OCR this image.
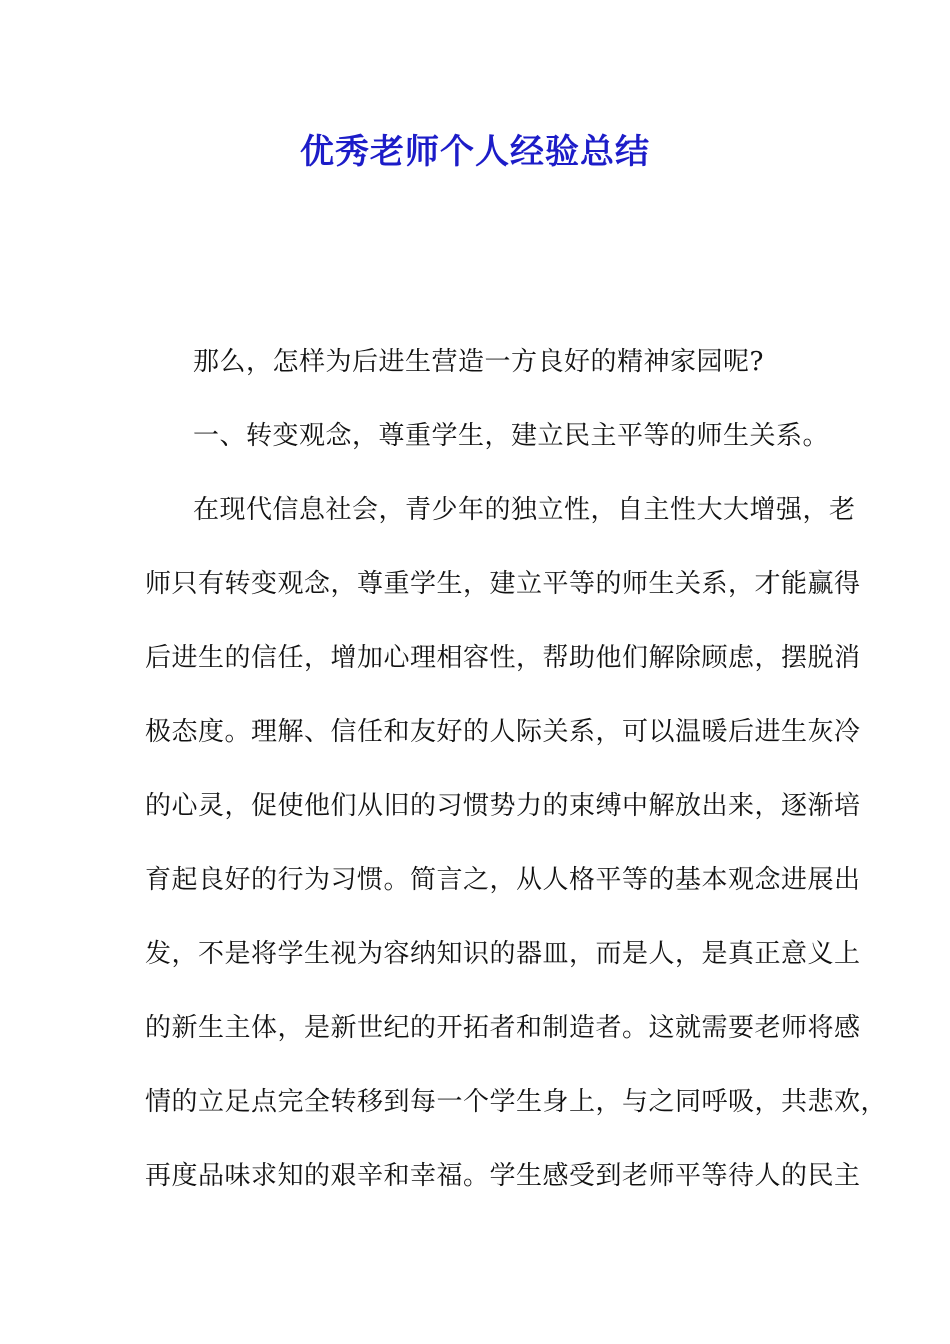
优秀老师个人经验总结
那么，怎样为后进生营造一方良好的精神家园呢?
一、转变观念，尊重学生，建立民主平等的师生关系。
在现代信息社会，青少年的独立性，自主性大大增强，老
师只有转变观念，尊重学生，建立平等的师生关系，才能赢得
后进生的信任，增加心理相容性，帮助他们解除顾虑，摆脱消
极态度。理解、信任和友好的人际关系，可以温暖后进生灰冷
的心灵，促使他们从旧的习惯势力的束缚中解放出来，逐渐培
育起良好的行为习惯。简言之，从人格平等的基本观念进展出
发，不是将学生视为容纳知识的器皿，而是人，是真正意义上
的新生主体，是新世纪的开拓者和制造者。这就需要老师将感
情的立足点完全转移到每一个学生身上，与之同呼吸，共悲欢，
再度品味求知的艰辛和幸福。学生感受到老师平等待人的民主
